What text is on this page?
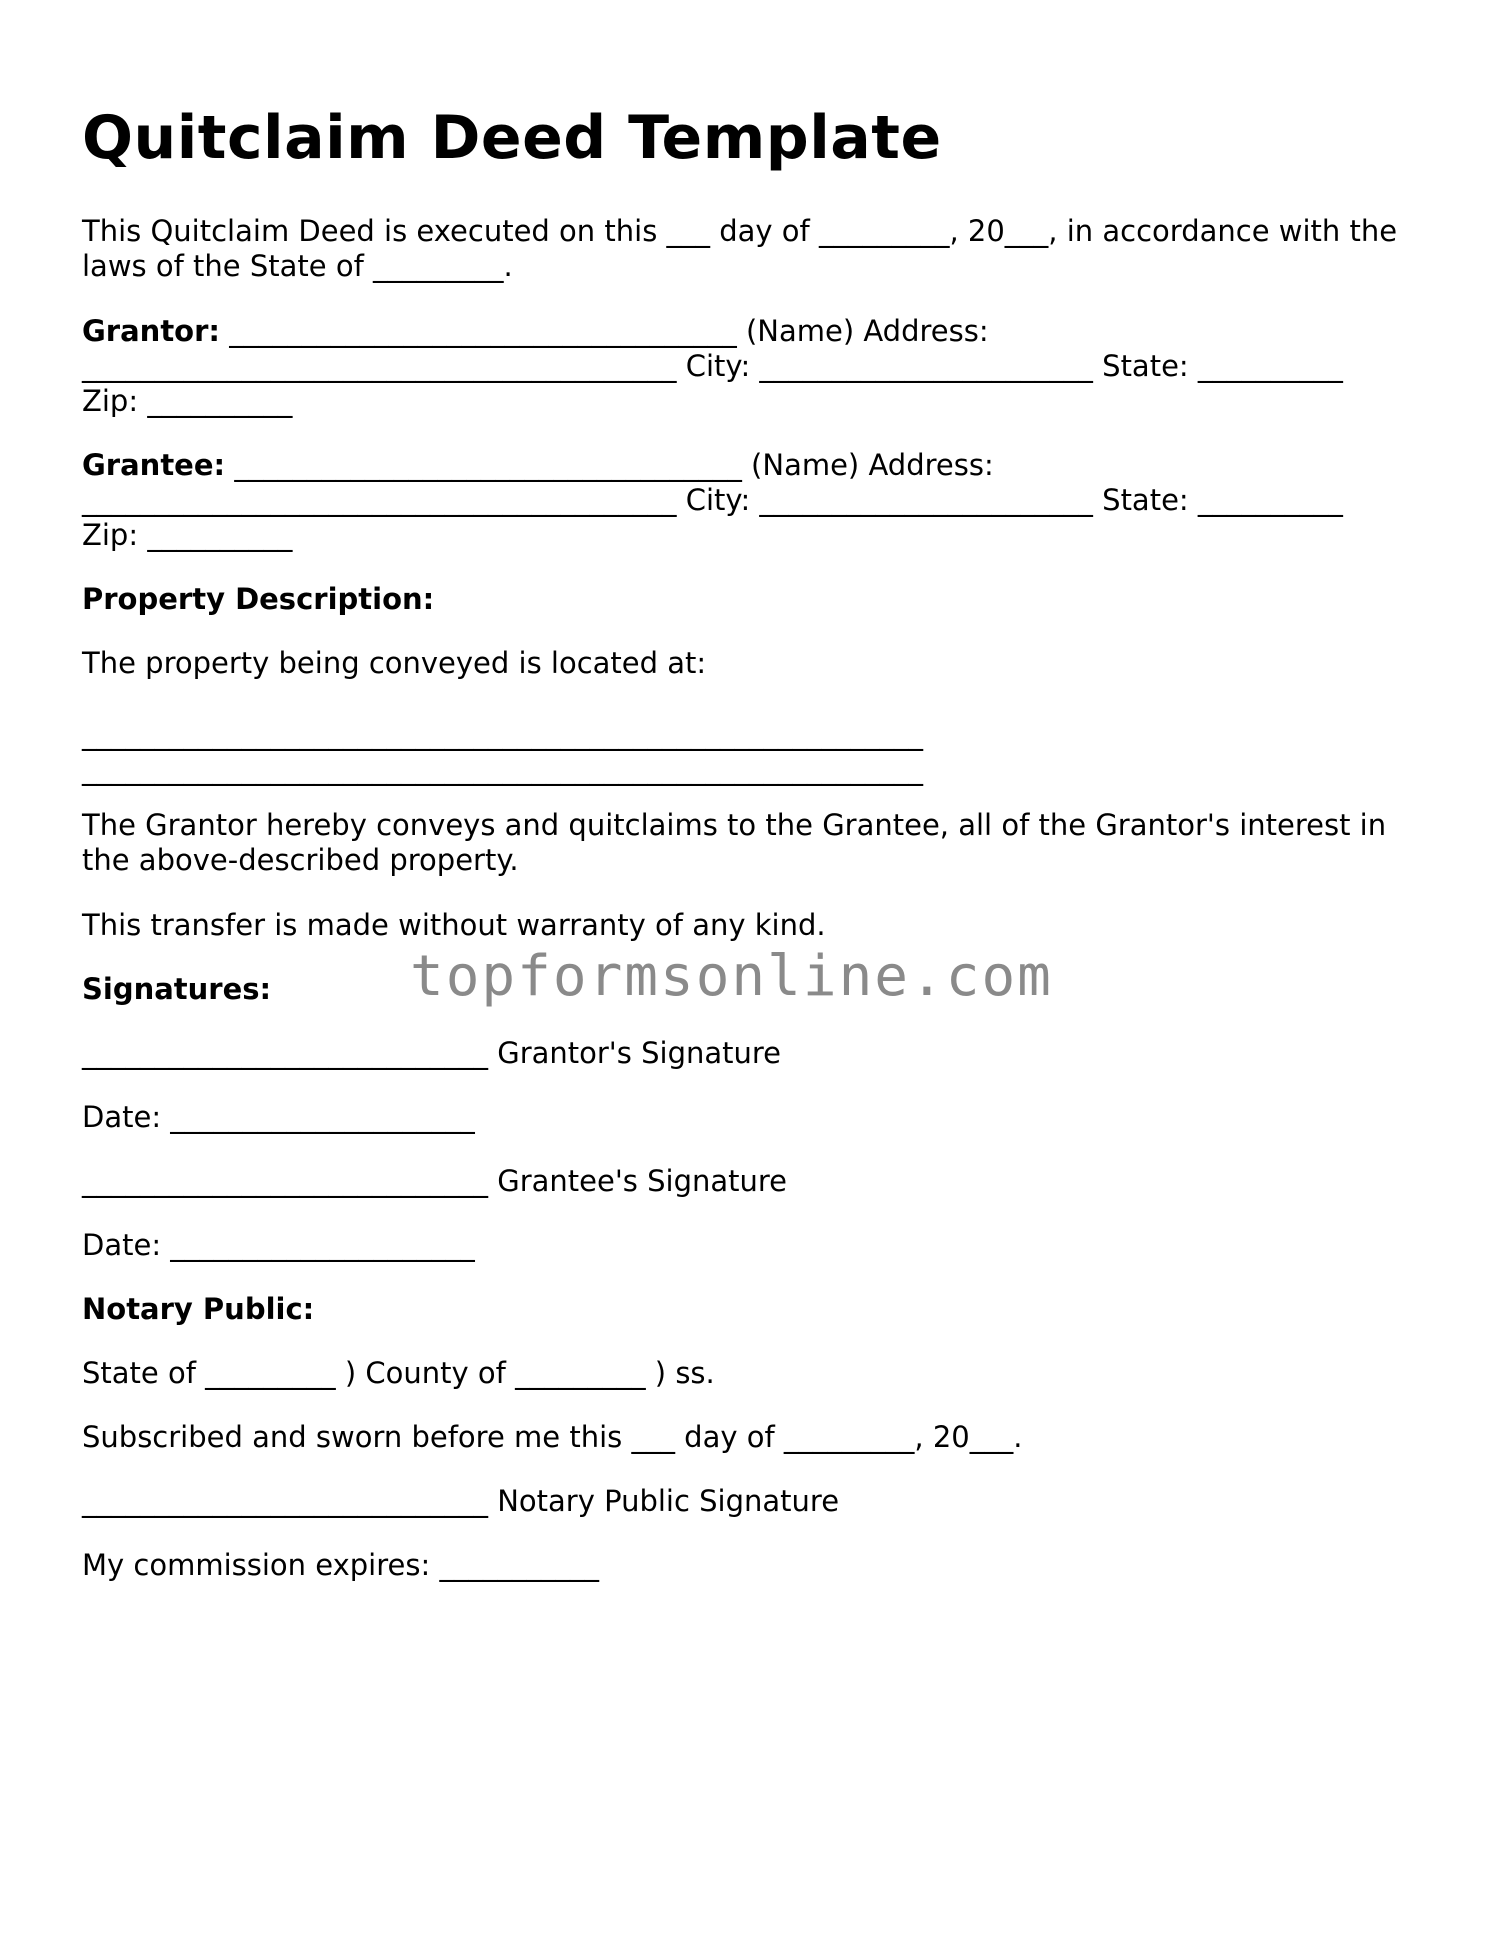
Quitclaim Deed Template

This Quitclaim Deed is executed on this ___ day of _________, 20___, in accordance with the laws of the State of _________.

Grantor: ___________________________________ (Name) Address:

_________________________________________ City: _______________________ State: __________

Zip: __________

Grantee: ___________________________________ (Name) Address:

_________________________________________ City: _______________________ State: __________

Zip: __________

Property Description:

The property being conveyed is located at:

__________________________________________________________

__________________________________________________________

The Grantor hereby conveys and quitclaims to the Grantee, all of the Grantor's interest in the above-described property.

This transfer is made without warranty of any kind.

Signatures:

____________________________ Grantor's Signature

Date: _____________________

____________________________ Grantee's Signature

Date: _____________________

Notary Public:

State of _________ ) County of _________ ) ss.

Subscribed and sworn before me this ___ day of _________, 20___.

____________________________ Notary Public Signature

My commission expires: ___________

topformsonline.com
